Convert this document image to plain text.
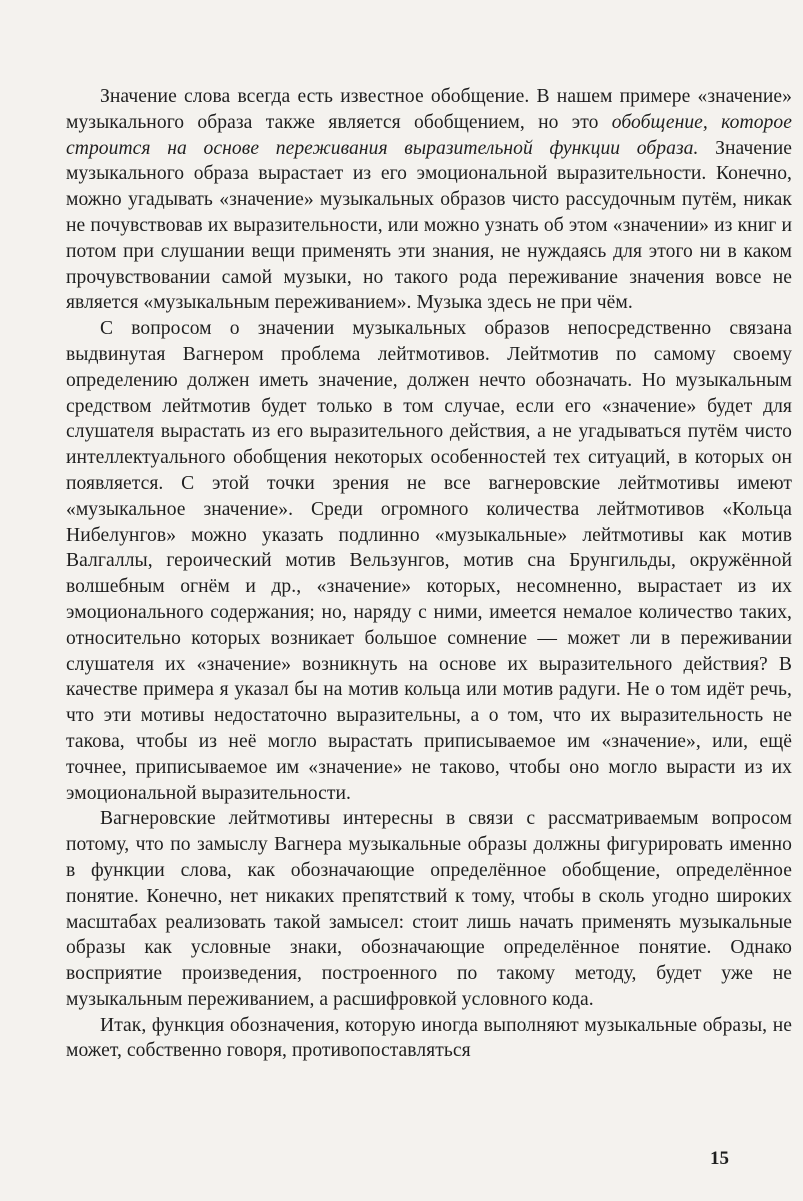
Значение слова всегда есть известное обобщение. В нашем примере «значение» музыкального образа также является обобщением, но это обобщение, которое строится на основе переживания выразительной функции образа. Значение музыкального образа вырастает из его эмоциональной выразительности. Конечно, можно угадывать «значение» музыкальных образов чисто рассудочным путём, никак не почувствовав их выразительности, или можно узнать об этом «значении» из книг и потом при слушании вещи применять эти знания, не нуждаясь для этого ни в каком прочувствовании самой музыки, но такого рода переживание значения вовсе не является «музыкальным переживанием». Музыка здесь не при чём.

С вопросом о значении музыкальных образов непосредственно связана выдвинутая Вагнером проблема лейтмотивов. Лейтмотив по самому своему определению должен иметь значение, должен нечто обозначать. Но музыкальным средством лейтмотив будет только в том случае, если его «значение» будет для слушателя вырастать из его выразительного действия, а не угадываться путём чисто интеллектуального обобщения некоторых особенностей тех ситуаций, в которых он появляется. С этой точки зрения не все вагнеровские лейтмотивы имеют «музыкальное значение». Среди огромного количества лейтмотивов «Кольца Нибелунгов» можно указать подлинно «музыкальные» лейтмотивы как мотив Валгаллы, героический мотив Вельзунгов, мотив сна Брунгильды, окружённой волшебным огнём и др., «значение» которых, несомненно, вырастает из их эмоционального содержания; но, наряду с ними, имеется немалое количество таких, относительно которых возникает большое сомнение — может ли в переживании слушателя их «значение» возникнуть на основе их выразительного действия? В качестве примера я указал бы на мотив кольца или мотив радуги. Не о том идёт речь, что эти мотивы недостаточно выразительны, а о том, что их выразительность не такова, чтобы из неё могло вырастать приписываемое им «значение», или, ещё точнее, приписываемое им «значение» не таково, чтобы оно могло вырасти из их эмоциональной выразительности.

Вагнеровские лейтмотивы интересны в связи с рассматриваемым вопросом потому, что по замыслу Вагнера музыкальные образы должны фигурировать именно в функции слова, как обозначающие определённое обобщение, определённое понятие. Конечно, нет никаких препятствий к тому, чтобы в сколь угодно широких масштабах реализовать такой замысел: стоит лишь начать применять музыкальные образы как условные знаки, обозначающие определённое понятие. Однако восприятие произведения, построенного по такому методу, будет уже не музыкальным переживанием, а расшифровкой условного кода.

Итак, функция обозначения, которую иногда выполняют музыкальные образы, не может, собственно говоря, противопоставляться

15
